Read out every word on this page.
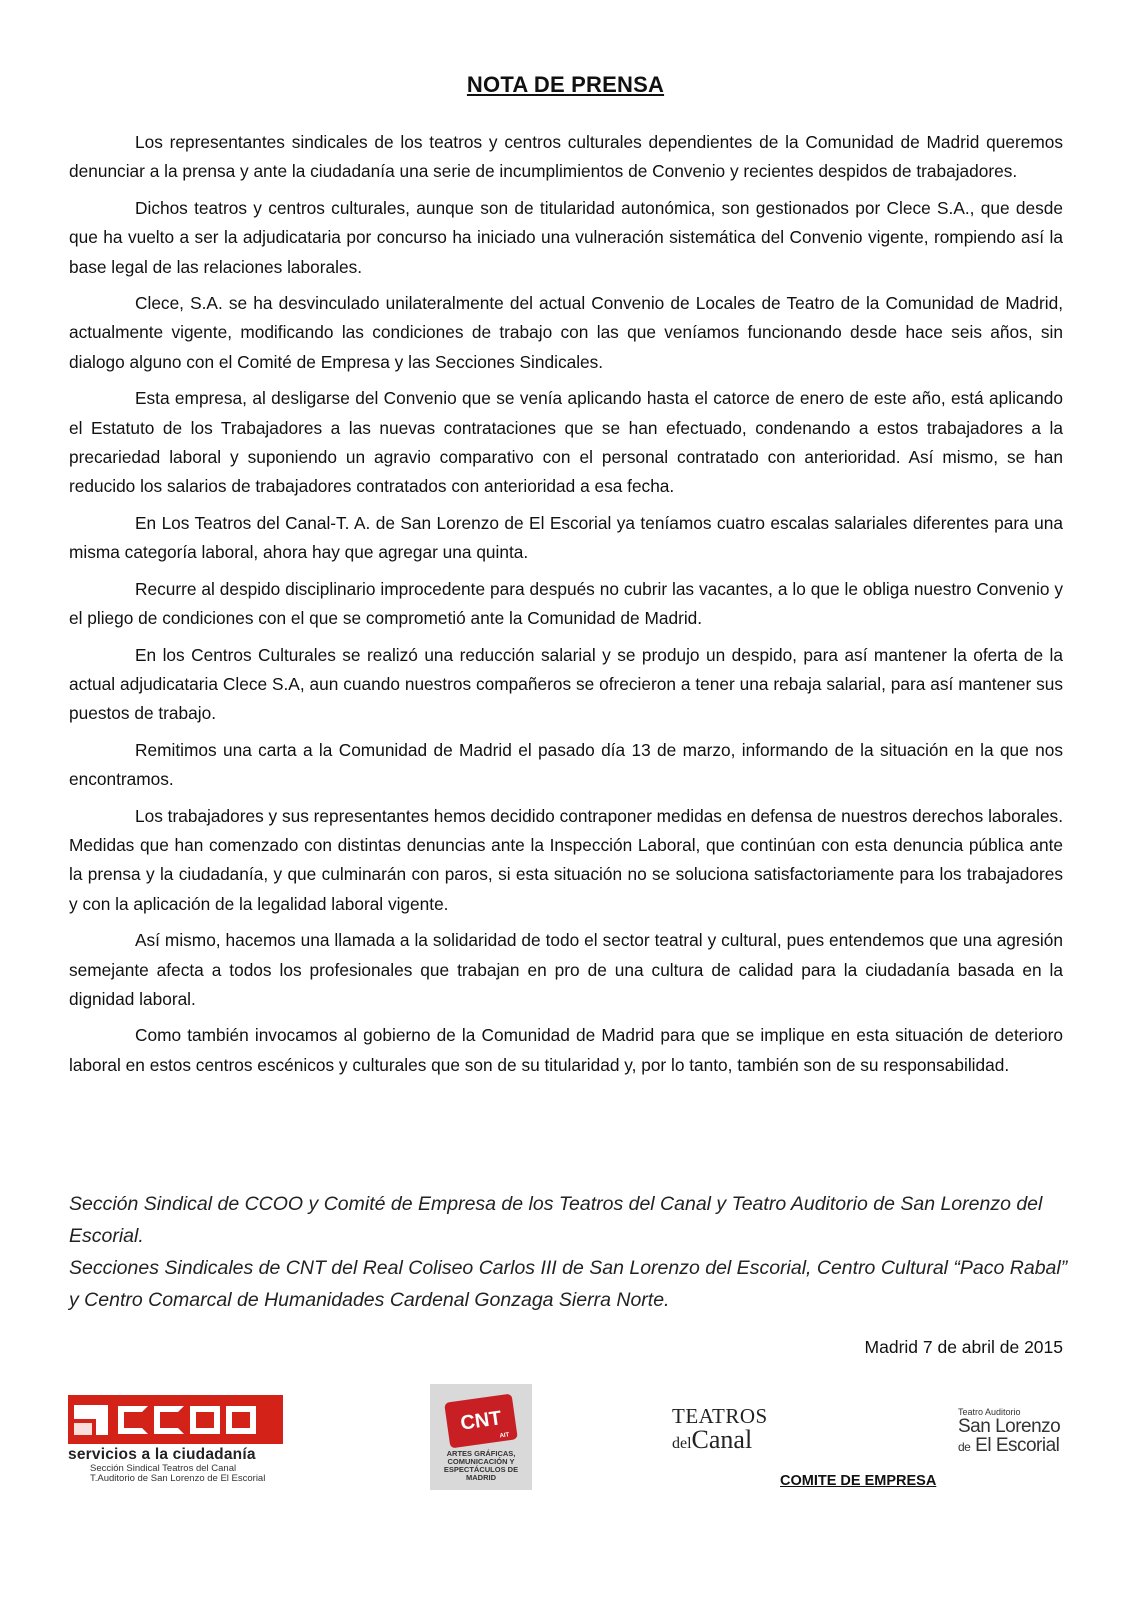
NOTA DE PRENSA

Los representantes sindicales de los teatros y centros culturales dependientes de la Comunidad de Madrid queremos denunciar a la prensa y ante la ciudadanía una serie de incumplimientos de Convenio y recientes despidos de trabajadores.

Dichos teatros y centros culturales, aunque son de titularidad autonómica, son gestionados por Clece S.A., que desde que ha vuelto a ser la adjudicataria por concurso ha iniciado una vulneración sistemática del Convenio vigente, rompiendo así la base legal de las relaciones laborales.

Clece, S.A. se ha desvinculado unilateralmente del actual Convenio de Locales de Teatro de la Comunidad de Madrid, actualmente vigente, modificando las condiciones de trabajo con las que veníamos funcionando desde hace seis años, sin dialogo alguno con el Comité de Empresa y las Secciones Sindicales.

Esta empresa, al desligarse del Convenio que se venía aplicando hasta el catorce de enero de este año, está aplicando el Estatuto de los Trabajadores a las nuevas contrataciones que se han efectuado, condenando a estos trabajadores a la precariedad laboral y suponiendo un agravio comparativo con el personal contratado con anterioridad. Así mismo, se han reducido los salarios de trabajadores contratados con anterioridad a esa fecha.

En Los Teatros del Canal-T. A. de San Lorenzo de El Escorial ya teníamos cuatro escalas salariales diferentes para una misma categoría laboral, ahora hay que agregar una quinta.

Recurre al despido disciplinario improcedente para después no cubrir las vacantes, a lo que le obliga nuestro Convenio y el pliego de condiciones con el que se comprometió ante la Comunidad de Madrid.

En los Centros Culturales se realizó una reducción salarial y se produjo un despido, para así mantener la oferta de la actual adjudicataria Clece S.A, aun cuando nuestros compañeros se ofrecieron a tener una rebaja salarial, para así mantener sus puestos de trabajo.

Remitimos una carta a la Comunidad de Madrid el pasado día 13 de marzo, informando de la situación en la que nos encontramos.

Los trabajadores y sus representantes hemos decidido contraponer medidas en defensa de nuestros derechos laborales. Medidas que han comenzado con distintas denuncias ante la Inspección Laboral, que continúan con esta denuncia pública ante la prensa y la ciudadanía, y que culminarán con paros, si esta situación no se soluciona satisfactoriamente para los trabajadores y con la aplicación de la legalidad laboral vigente.

Así mismo, hacemos una llamada a la solidaridad de todo el sector teatral y cultural, pues entendemos que una agresión semejante afecta a todos los profesionales que trabajan en pro de una cultura de calidad para la ciudadanía basada en la dignidad laboral.

Como también invocamos al gobierno de la Comunidad de Madrid para que se implique en esta situación de deterioro laboral en estos centros escénicos y culturales que son de su titularidad y, por lo tanto, también son de su responsabilidad.

Sección Sindical de CCOO y Comité de Empresa de los Teatros del Canal y Teatro Auditorio de San Lorenzo del Escorial.

Secciones Sindicales de CNT del Real Coliseo Carlos III de San Lorenzo del Escorial, Centro Cultural “Paco Rabal” y Centro Comarcal de Humanidades Cardenal Gonzaga Sierra Norte.

Madrid 7 de abril de 2015
servicios a la ciudadanía
Sección Sindical Teatros del Canal T.Auditorio de San Lorenzo de El Escorial
CNT
AIT
ARTES GRÁFICAS, COMUNICACIÓN Y ESPECTÁCULOS DE MADRID
TEATROS
delCanal
COMITE DE EMPRESA
Teatro Auditorio
San Lorenzo
de El Escorial
